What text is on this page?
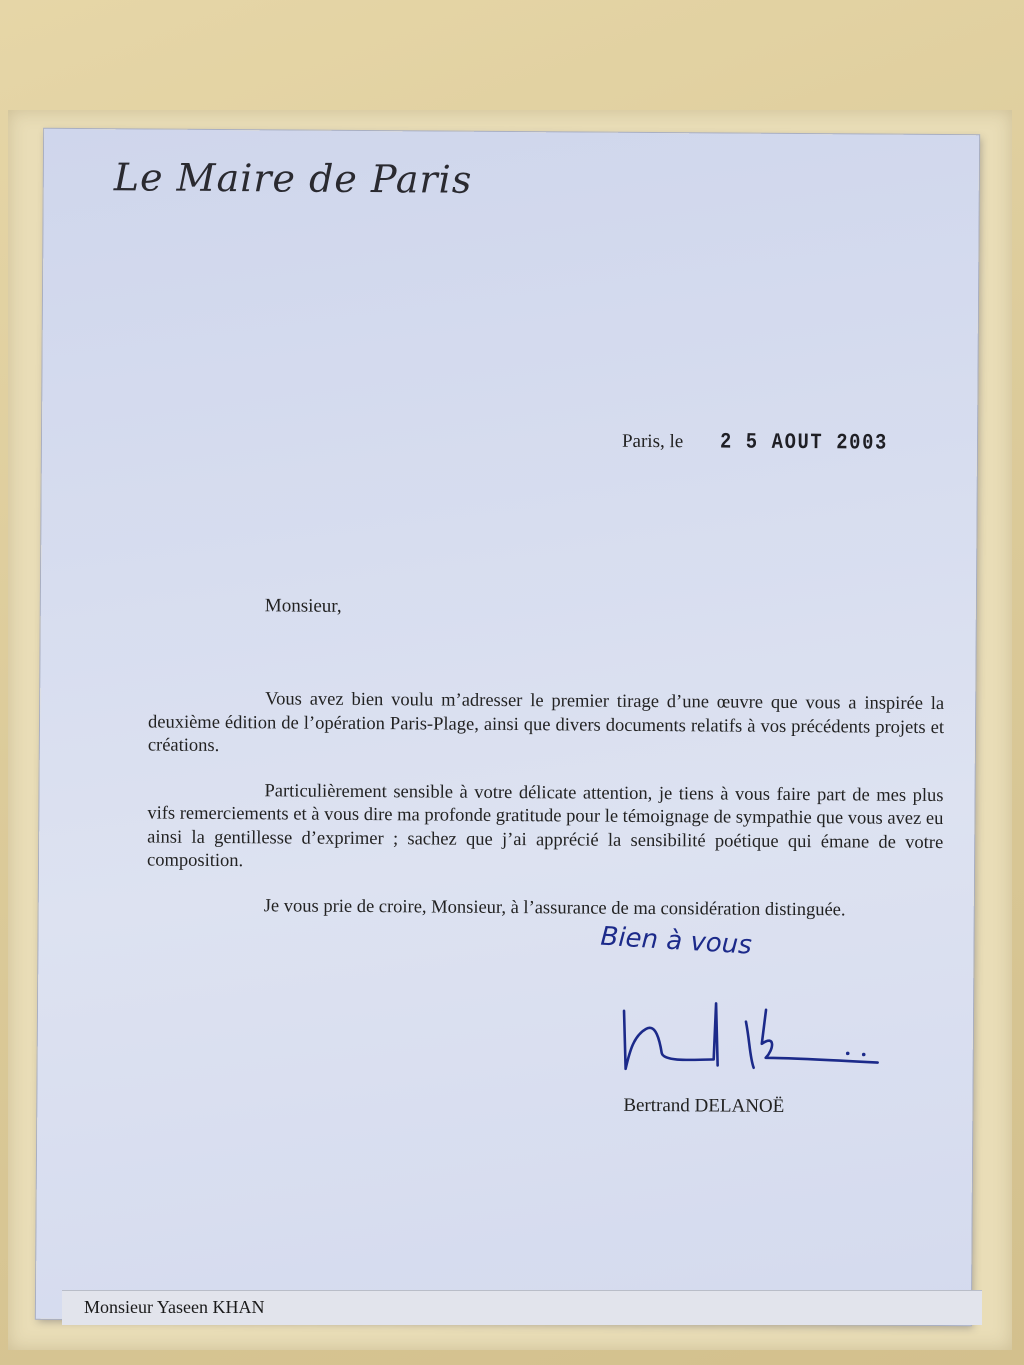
Le Maire de Paris
Paris, le 2 5 AOUT 2003
Monsieur,

Vous avez bien voulu m’adresser le premier tirage d’une œuvre que vous a inspirée la deuxième édition de l’opération Paris-Plage, ainsi que divers documents relatifs à vos précédents projets et créations.

Particulièrement sensible à votre délicate attention, je tiens à vous faire part de mes plus vifs remerciements et à vous dire ma profonde gratitude pour le témoignage de sympathie que vous avez eu ainsi la gentillesse d’exprimer ; sachez que j’ai apprécié la sensibilité poétique qui émane de votre composition.

Je vous prie de croire, Monsieur, à l’assurance de ma considération distinguée.

Bien à vous
Bertrand DELANOË
Monsieur Yaseen KHAN
